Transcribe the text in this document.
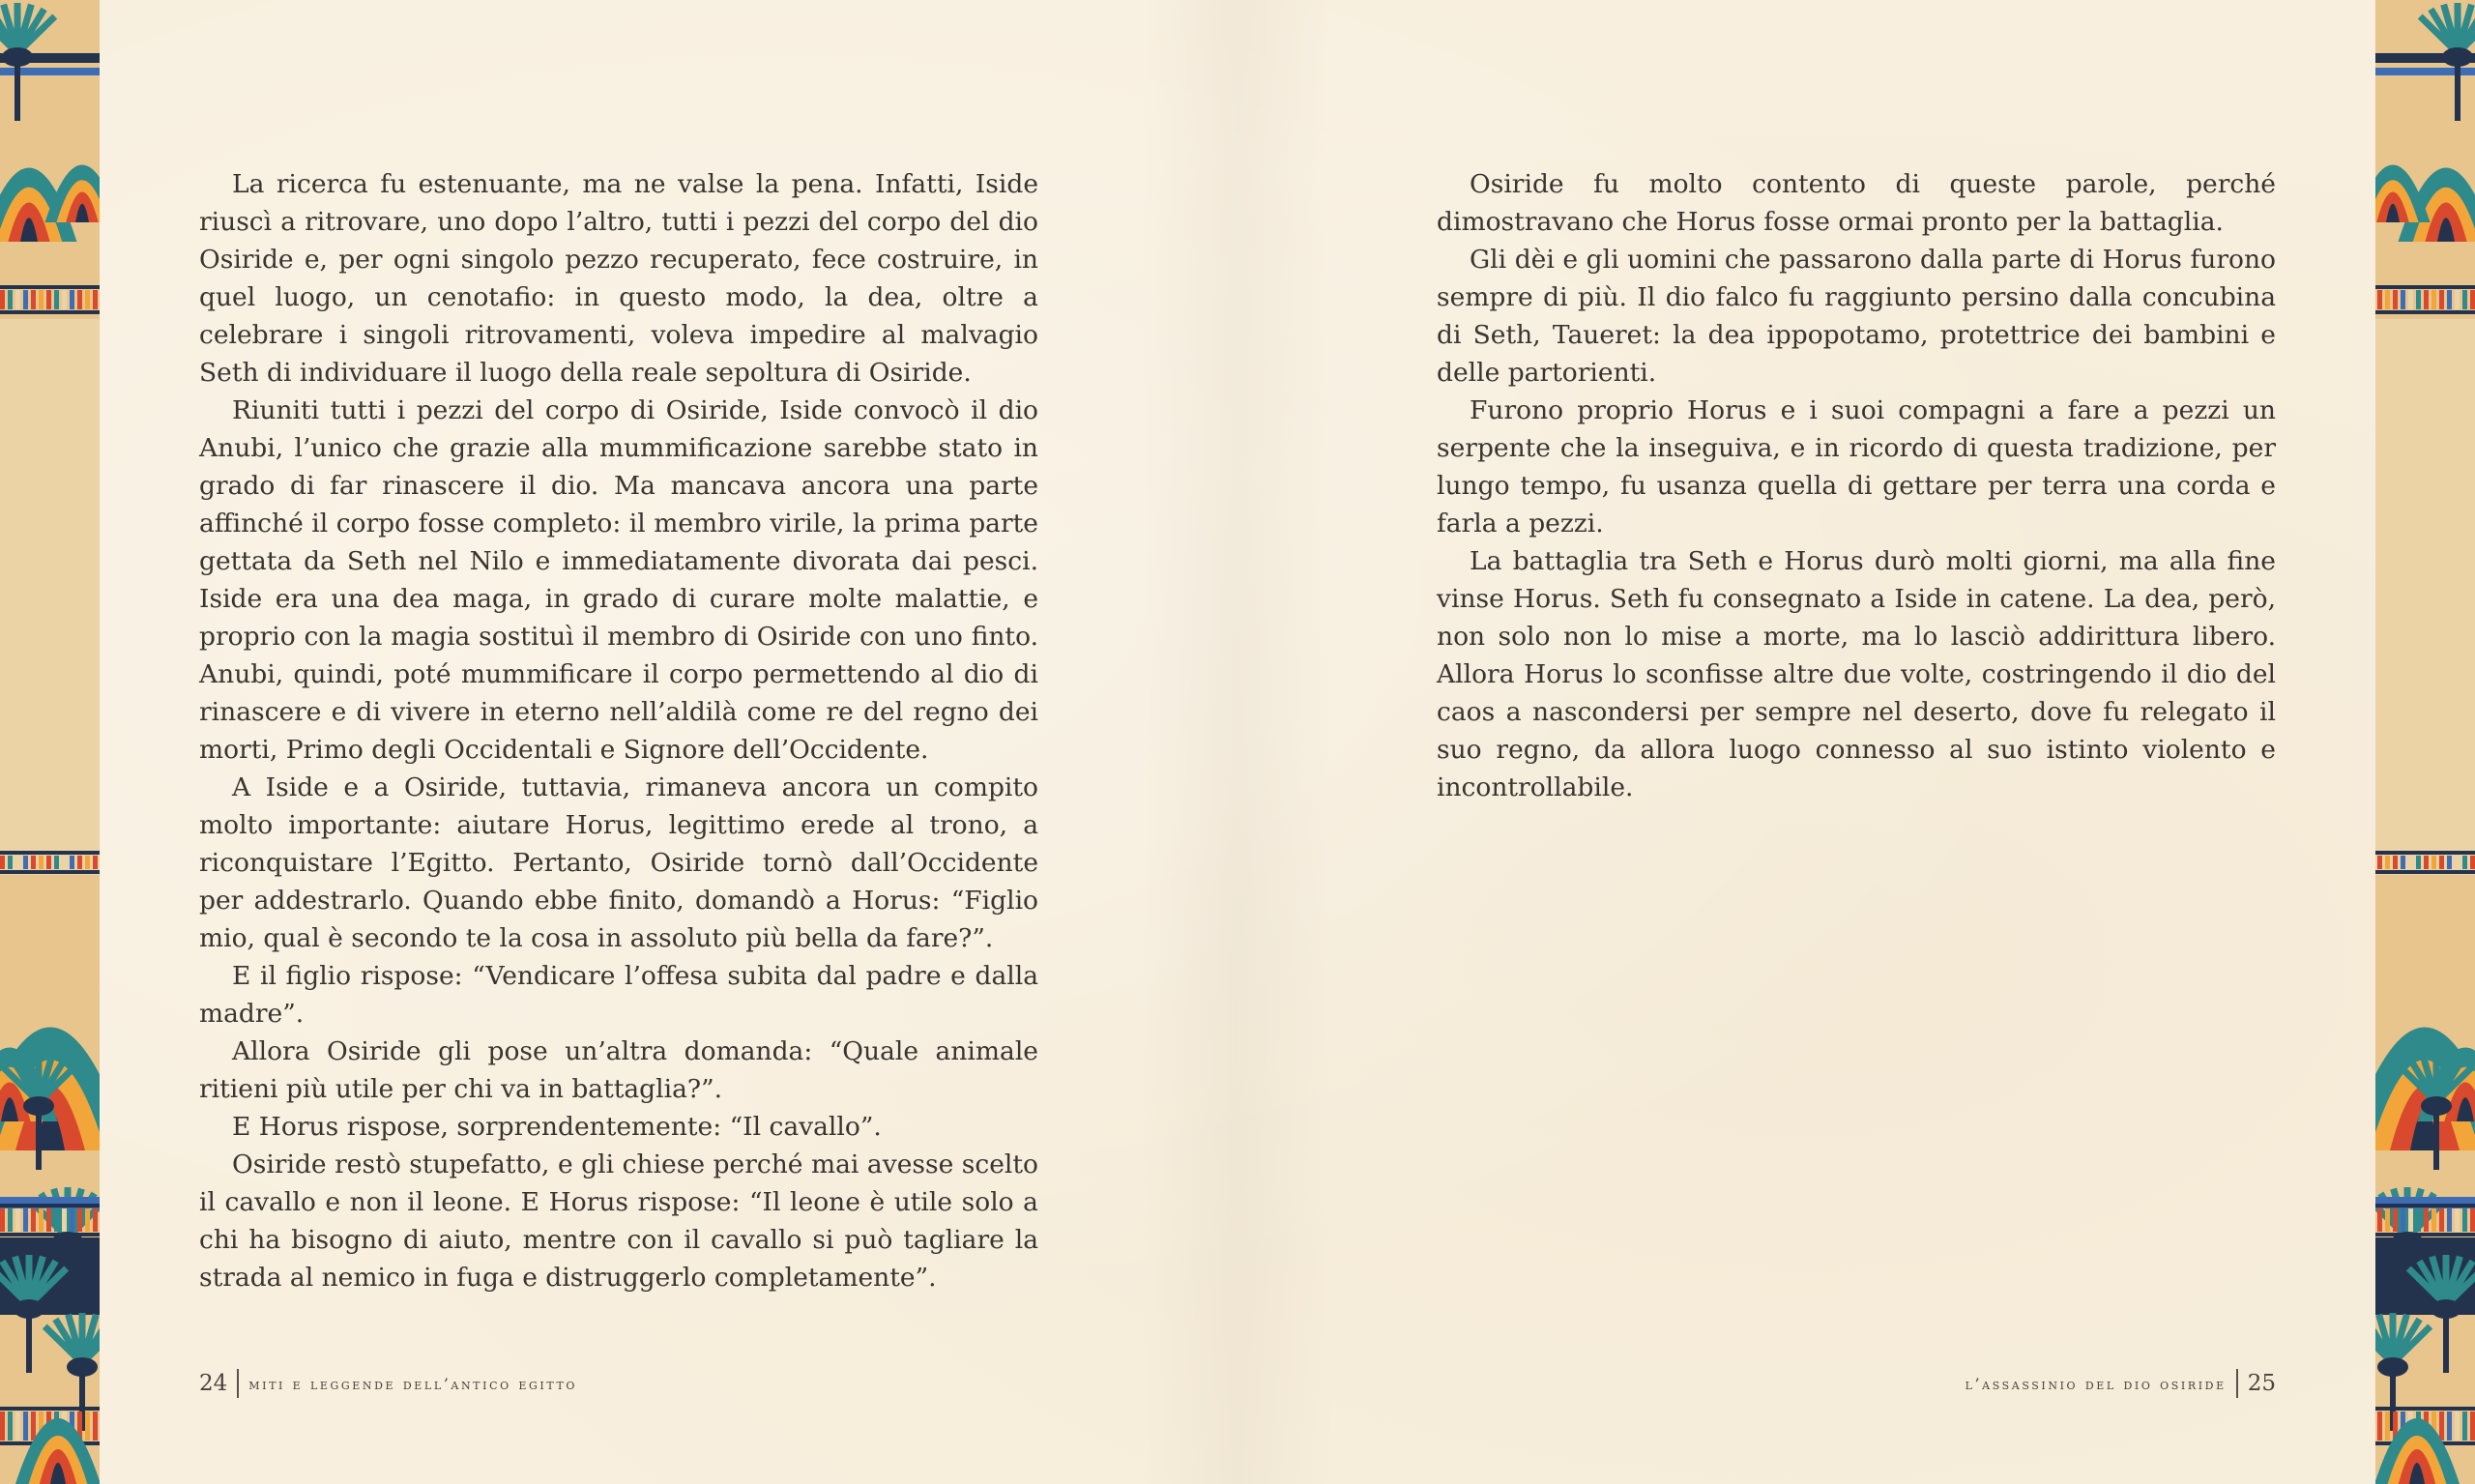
La ricerca fu estenuante, ma ne valse la pena. Infatti, Iside riuscì a ritrovare, uno dopo l’altro, tutti i pezzi del corpo del dio Osiride e, per ogni singolo pezzo recuperato, fece costruire, in quel luogo, un cenotafio: in questo modo, la dea, oltre a celebrare i singoli ritrovamenti, voleva impedire al malvagio Seth di individuare il luogo della reale sepoltura di Osiride.

Riuniti tutti i pezzi del corpo di Osiride, Iside convocò il dio Anubi, l’unico che grazie alla mummificazione sarebbe stato in grado di far rinascere il dio. Ma mancava ancora una parte affinché il corpo fosse completo: il membro virile, la prima parte gettata da Seth nel Nilo e immediatamente divorata dai pesci. Iside era una dea maga, in grado di curare molte malattie, e proprio con la magia sostituì il membro di Osiride con uno finto. Anubi, quindi, poté mummificare il corpo permettendo al dio di rinascere e di vivere in eterno nell’aldilà come re del regno dei morti, Primo degli Occidentali e Signore dell’Occidente.

A Iside e a Osiride, tuttavia, rimaneva ancora un compito molto importante: aiutare Horus, legittimo erede al trono, a riconquistare l’Egitto. Pertanto, Osiride tornò dall’Occidente per addestrarlo. Quando ebbe finito, domandò a Horus: “Figlio mio, qual è secondo te la cosa in assoluto più bella da fare?”.

E il figlio rispose: “Vendicare l’offesa subita dal padre e dalla madre”.

Allora Osiride gli pose un’altra domanda: “Quale animale ritieni più utile per chi va in battaglia?”.

E Horus rispose, sorprendentemente: “Il cavallo”.

Osiride restò stupefatto, e gli chiese perché mai avesse scelto il cavallo e non il leone. E Horus rispose: “Il leone è utile solo a chi ha bisogno di aiuto, mentre con il cavallo si può tagliare la strada al nemico in fuga e distruggerlo completamente”.

Osiride fu molto contento di queste parole, perché dimostravano che Horus fosse ormai pronto per la battaglia.

Gli dèi e gli uomini che passarono dalla parte di Horus furono sempre di più. Il dio falco fu raggiunto persino dalla concubina di Seth, Taueret: la dea ippopotamo, protettrice dei bambini e delle partorienti.

Furono proprio Horus e i suoi compagni a fare a pezzi un serpente che la inseguiva, e in ricordo di questa tradizione, per lungo tempo, fu usanza quella di gettare per terra una corda e farla a pezzi.

La battaglia tra Seth e Horus durò molti giorni, ma alla fine vinse Horus. Seth fu consegnato a Iside in catene. La dea, però, non solo non lo mise a morte, ma lo lasciò addirittura libero. Allora Horus lo sconfisse altre due volte, costringendo il dio del caos a nascondersi per sempre nel deserto, dove fu relegato il suo regno, da allora luogo connesso al suo istinto violento e incontrollabile.

24 miti e leggende dell’antico egitto	l’assassinio del dio osiride 25
